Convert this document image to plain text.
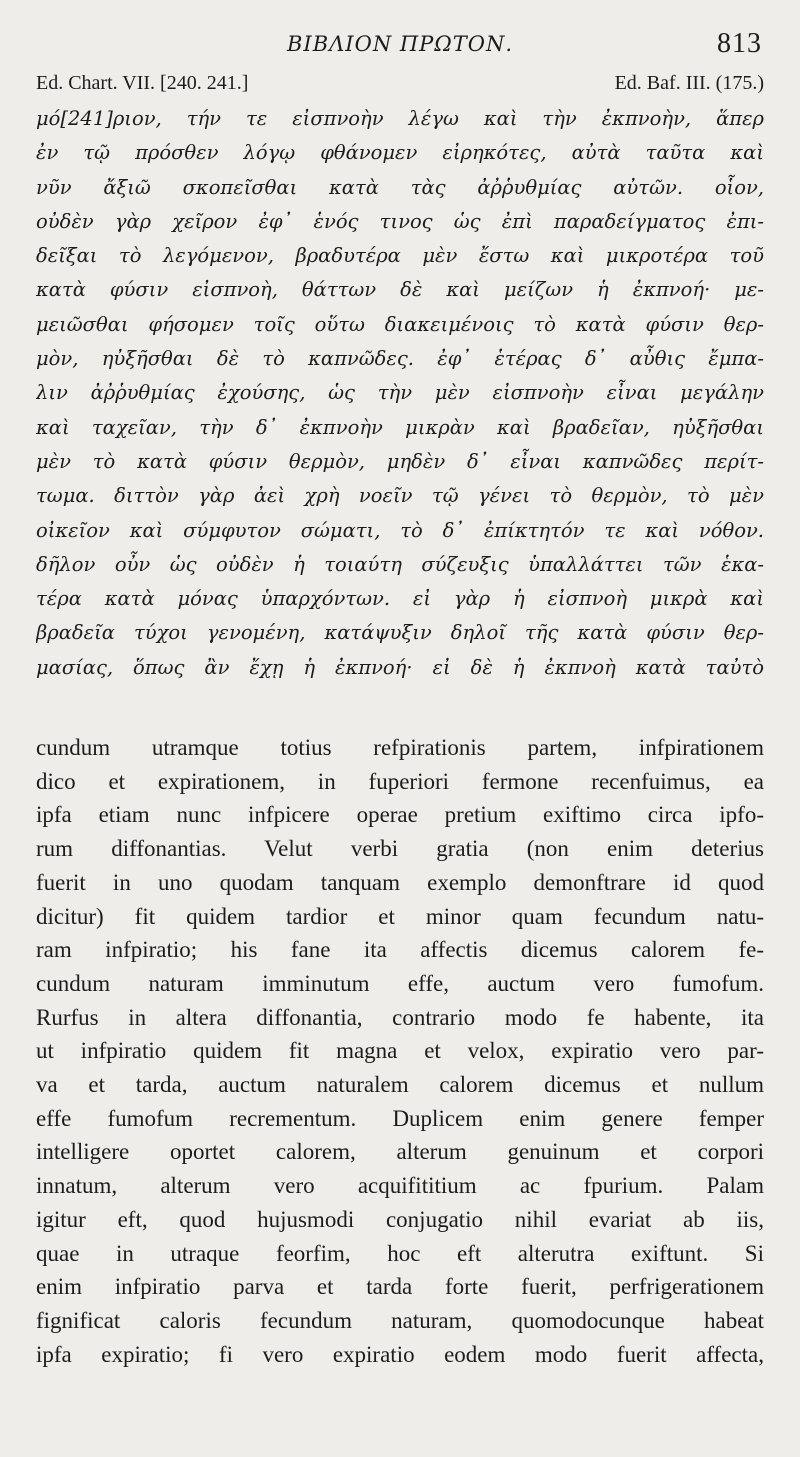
ΒΙΒΛΙΟΝ ΠΡΩΤΟΝ.	813
Ed. Chart. VII. [240. 241.]	Ed. Baf. III. (175.)
μό[241]ριον, τήν τε εἰσπνοὴν λέγω καὶ τὴν ἐκπνοὴν, ἅπερ
ἐν τῷ πρόσθεν λόγῳ φθάνομεν εἰρηκότες, αὐτὰ ταῦτα καὶ
νῦν ἄξιῶ σκοπεῖσθαι κατὰ τὰς ἀῤῥυθμίας αὐτῶν. οἷον,
οὐδὲν γὰρ χεῖρον ἐφ᾽ ἑνός τινος ὡς ἐπὶ παραδείγματος ἐπι-
δεῖξαι τὸ λεγόμενον, βραδυτέρα μὲν ἔστω καὶ μικροτέρα τοῦ
κατὰ φύσιν εἰσπνοὴ, θάττων δὲ καὶ μείζων ἡ ἐκπνοή· με-
μειῶσθαι φήσομεν τοῖς οὕτω διακειμένοις τὸ κατὰ φύσιν θερ-
μὸν, ηὐξῆσθαι δὲ τὸ καπνῶδες. ἐφ᾽ ἑτέρας δ᾽ αὖθις ἔμπα-
λιν ἀῤῥυθμίας ἐχούσης, ὡς τὴν μὲν εἰσπνοὴν εἶναι μεγάλην
καὶ ταχεῖαν, τὴν δ᾽ ἐκπνοὴν μικρὰν καὶ βραδεῖαν, ηὐξῆσθαι
μὲν τὸ κατὰ φύσιν θερμὸν, μηδὲν δ᾽ εἶναι καπνῶδες περίτ-
τωμα. διττὸν γὰρ ἀεὶ χρὴ νοεῖν τῷ γένει τὸ θερμὸν, τὸ μὲν
οἰκεῖον καὶ σύμφυτον σώματι, τὸ δ᾽ ἐπίκτητόν τε καὶ νόθον.
δῆλον οὖν ὡς οὐδὲν ἡ τοιαύτη σύζευξις ὑπαλλάττει τῶν ἑκα-
τέρα κατὰ μόνας ὑπαρχόντων. εἰ γὰρ ἡ εἰσπνοὴ μικρὰ καὶ
βραδεῖα τύχοι γενομένη, κατάψυξιν δηλοῖ τῆς κατὰ φύσιν θερ-
μασίας, ὅπως ἂν ἔχῃ ἡ ἐκπνοή· εἰ δὲ ἡ ἐκπνοὴ κατὰ ταὐτὸ
cundum utramque totius refpirationis partem, infpirationem
dico et expirationem, in fuperiori fermone recenfuimus, ea
ipfa etiam nunc infpicere operae pretium exiftimo circa ipfo-
rum diffonantias. Velut verbi gratia (non enim deterius
fuerit in uno quodam tanquam exemplo demonftrare id quod
dicitur) fit quidem tardior et minor quam fecundum natu-
ram infpiratio; his fane ita affectis dicemus calorem fe-
cundum naturam imminutum effe, auctum vero fumofum.
Rurfus in altera diffonantia, contrario modo fe habente, ita
ut infpiratio quidem fit magna et velox, expiratio vero par-
va et tarda, auctum naturalem calorem dicemus et nullum
effe fumofum recrementum. Duplicem enim genere femper
intelligere oportet calorem, alterum genuinum et corpori
innatum, alterum vero acquifititium ac fpurium. Palam
igitur eft, quod hujusmodi conjugatio nihil evariat ab iis,
quae in utraque feorfim, hoc eft alterutra exiftunt. Si
enim infpiratio parva et tarda forte fuerit, perfrigerationem
fignificat caloris fecundum naturam, quomodocunque habeat
ipfa expiratio; fi vero expiratio eodem modo fuerit affecta,
